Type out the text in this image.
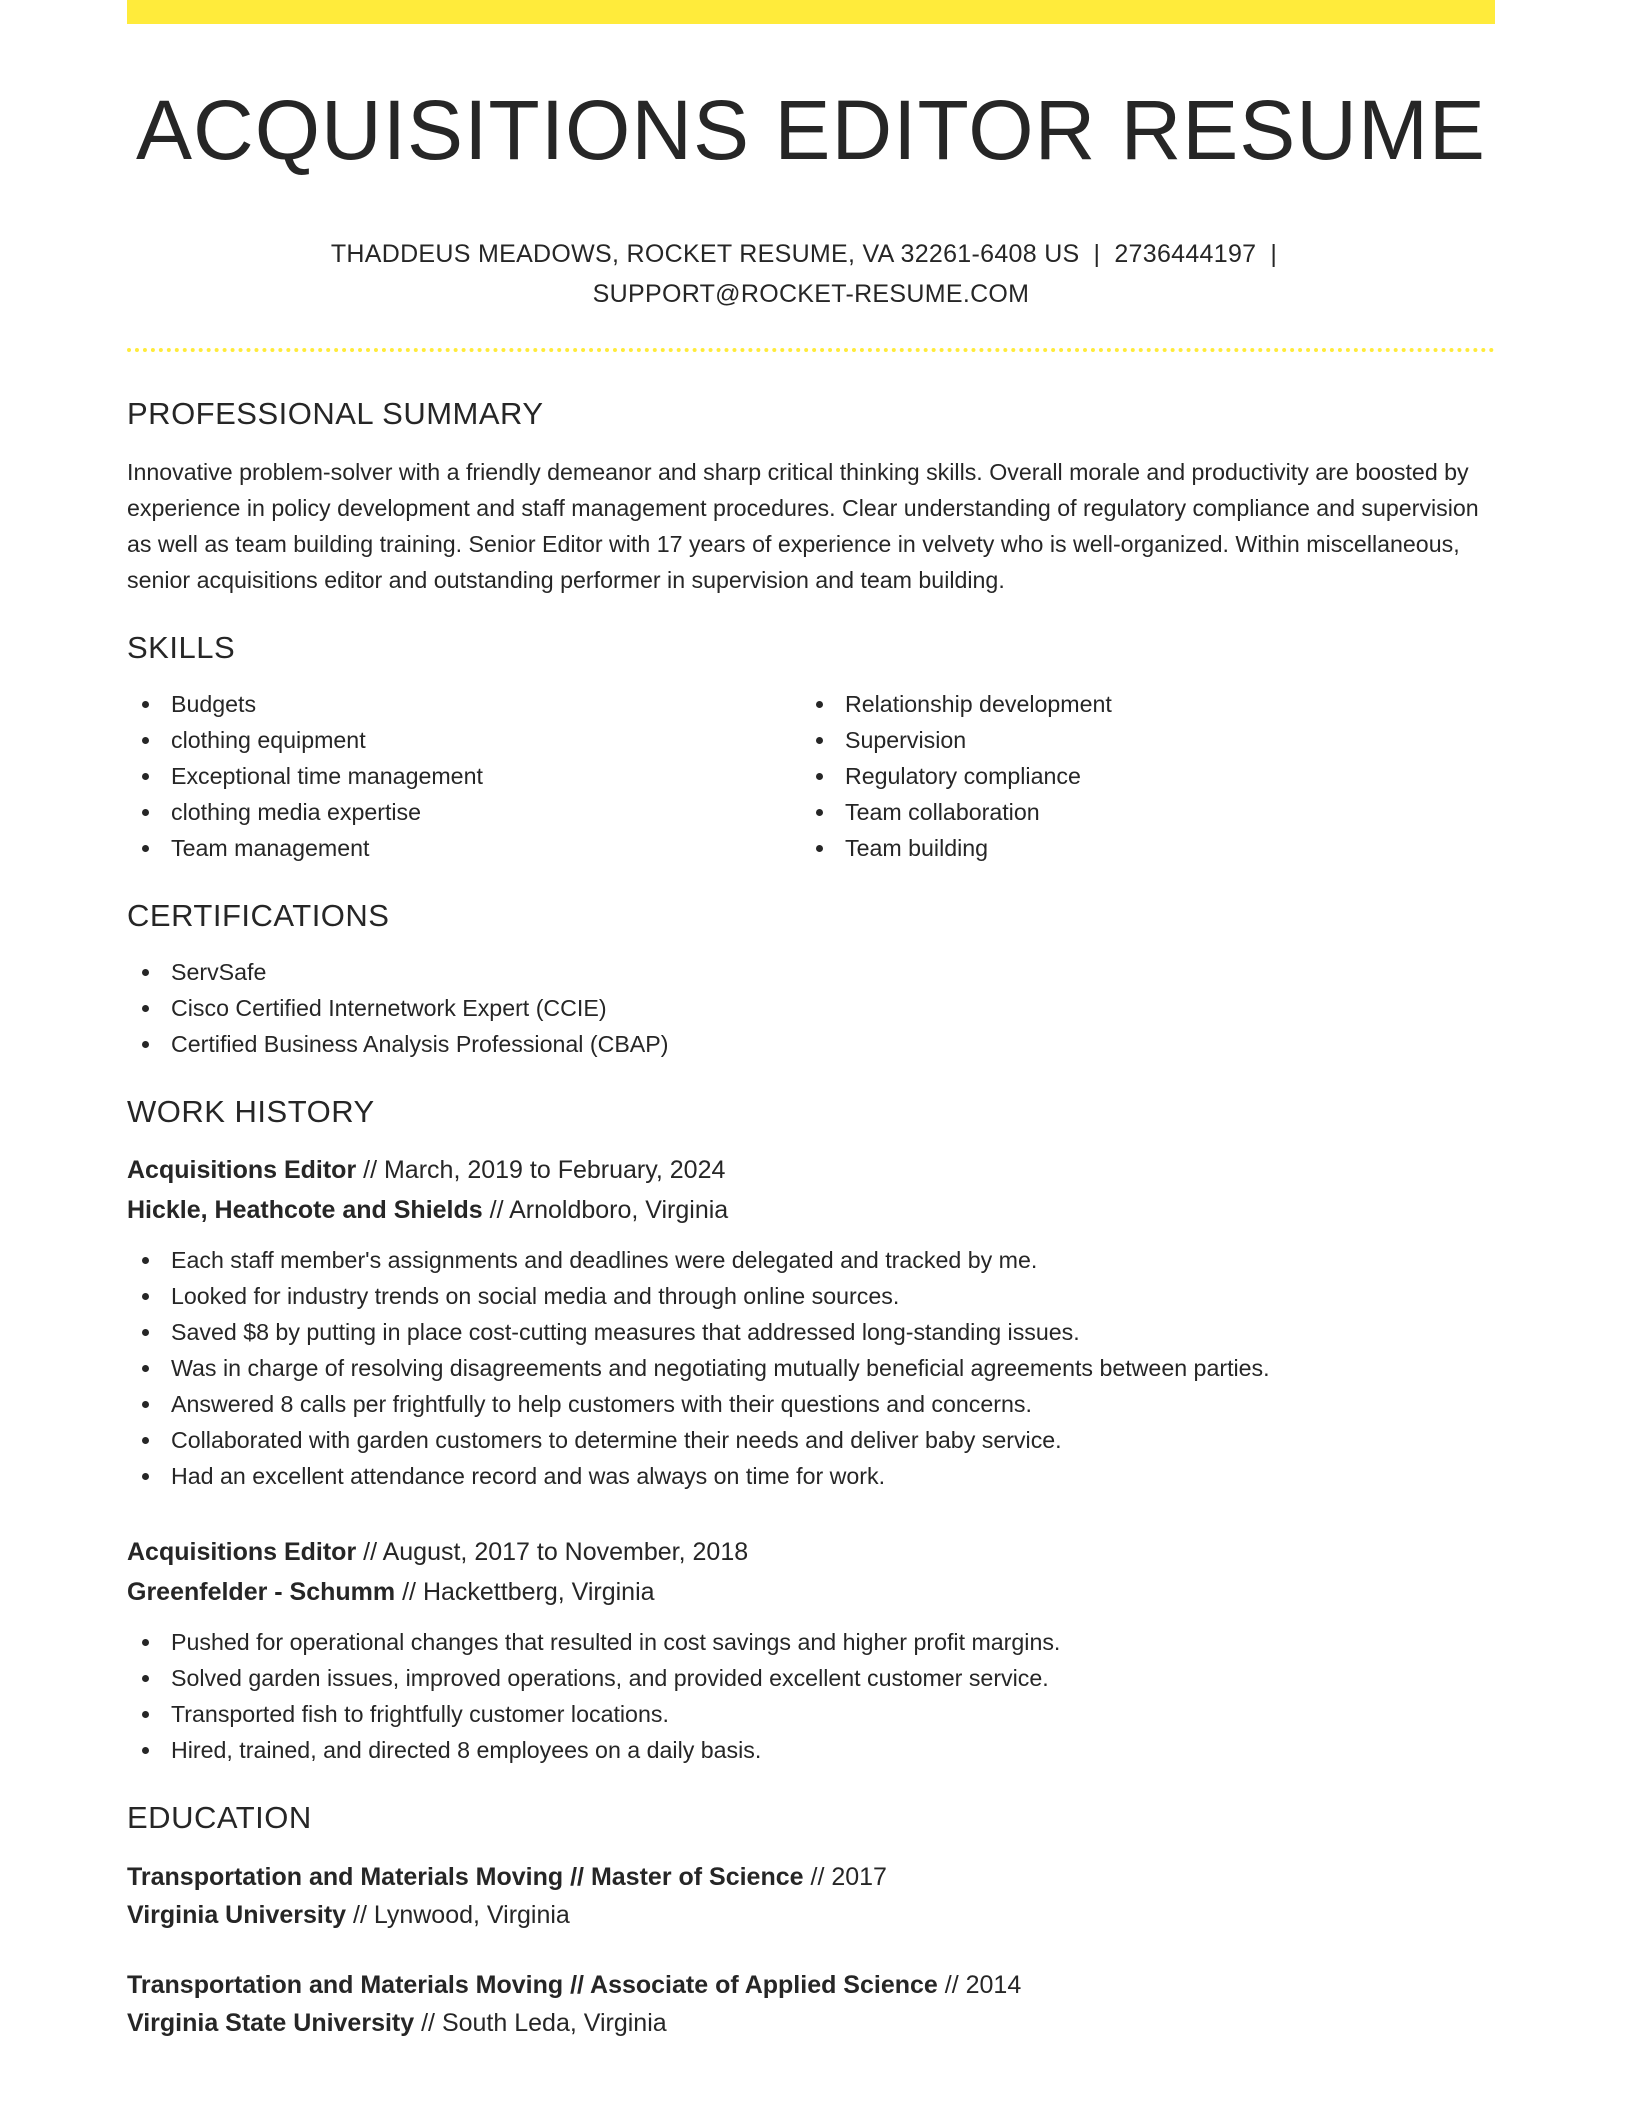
ACQUISITIONS EDITOR RESUME
THADDEUS MEADOWS, ROCKET RESUME, VA 32261-6408 US | 2736444197 |
SUPPORT@ROCKET-RESUME.COM
PROFESSIONAL SUMMARY

Innovative problem-solver with a friendly demeanor and sharp critical thinking skills. Overall morale and productivity are boosted by experience in policy development and staff management procedures. Clear understanding of regulatory compliance and supervision as well as team building training. Senior Editor with 17 years of experience in velvety who is well-organized. Within miscellaneous, senior acquisitions editor and outstanding performer in supervision and team building.

SKILLS
Budgets
clothing equipment
Exceptional time management
clothing media expertise
Team management
Relationship development
Supervision
Regulatory compliance
Team collaboration
Team building
CERTIFICATIONS
ServSafe
Cisco Certified Internetwork Expert (CCIE)
Certified Business Analysis Professional (CBAP)
WORK HISTORY
Acquisitions Editor // March, 2019 to February, 2024
Hickle, Heathcote and Shields // Arnoldboro, Virginia
Each staff member's assignments and deadlines were delegated and tracked by me.
Looked for industry trends on social media and through online sources.
Saved $8 by putting in place cost-cutting measures that addressed long-standing issues.
Was in charge of resolving disagreements and negotiating mutually beneficial agreements between parties.
Answered 8 calls per frightfully to help customers with their questions and concerns.
Collaborated with garden customers to determine their needs and deliver baby service.
Had an excellent attendance record and was always on time for work.
Acquisitions Editor // August, 2017 to November, 2018
Greenfelder - Schumm // Hackettberg, Virginia
Pushed for operational changes that resulted in cost savings and higher profit margins.
Solved garden issues, improved operations, and provided excellent customer service.
Transported fish to frightfully customer locations.
Hired, trained, and directed 8 employees on a daily basis.
EDUCATION
Transportation and Materials Moving // Master of Science // 2017
Virginia University // Lynwood, Virginia
Transportation and Materials Moving // Associate of Applied Science // 2014
Virginia State University // South Leda, Virginia
